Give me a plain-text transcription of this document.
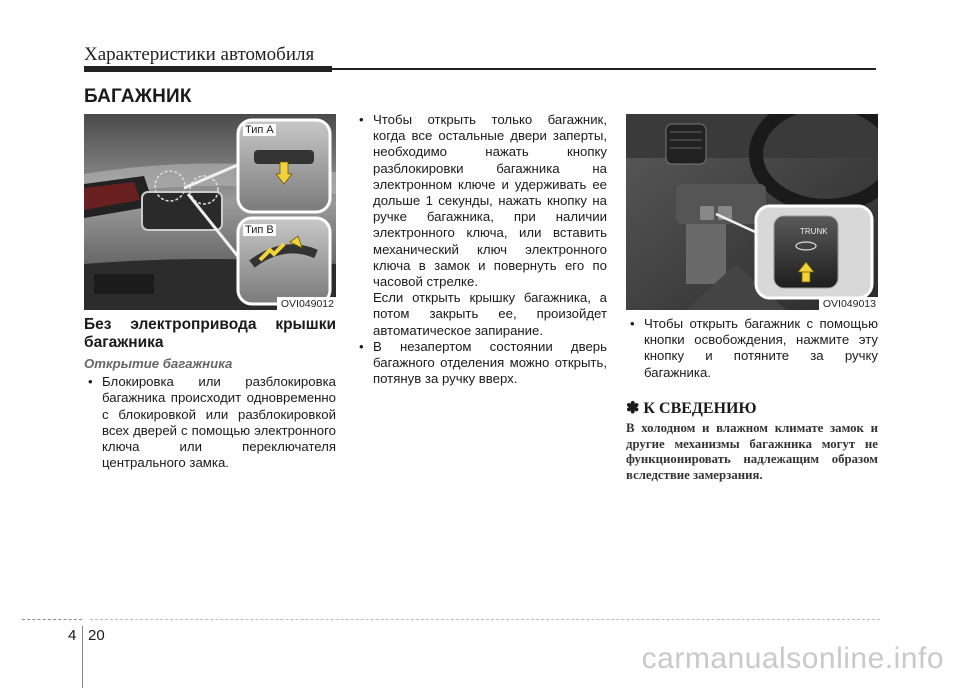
Характеристики автомобиля
БАГАЖНИК
Тип A
Тип B
OVI049012
TRUNK
OVI049013
Без электропривода крышки багажника
Открытие багажника

• Блокировка или разблокировка багажника происходит одновременно с блокировкой или разблокировкой всех дверей с помощью электронного ключа или переключателя центрального замка.

• Чтобы открыть только багажник, когда все остальные двери заперты, необходимо нажать кнопку разблокировки багажника на электронном ключе и удерживать ее дольше 1 секунды, нажать кнопку на ручке багажника, при наличии электронного ключа, или вставить механический ключ электронного ключа в замок и повернуть его по часовой стрелке.

Если открыть крышку багажника, а потом закрыть ее, произойдет автоматическое запирание.

• В незапертом состоянии дверь багажного отделения можно открыть, потянув за ручку вверх.

• Чтобы открыть багажник с помощью кнопки освобождения, нажмите эту кнопку и потяните за ручку багажника.

✽ К СВЕДЕНИЮ
В холодном и влажном климате замок и другие механизмы багажника могут не функционировать надлежащим образом вследствие замерзания.
4 20
carmanualsonline.info
